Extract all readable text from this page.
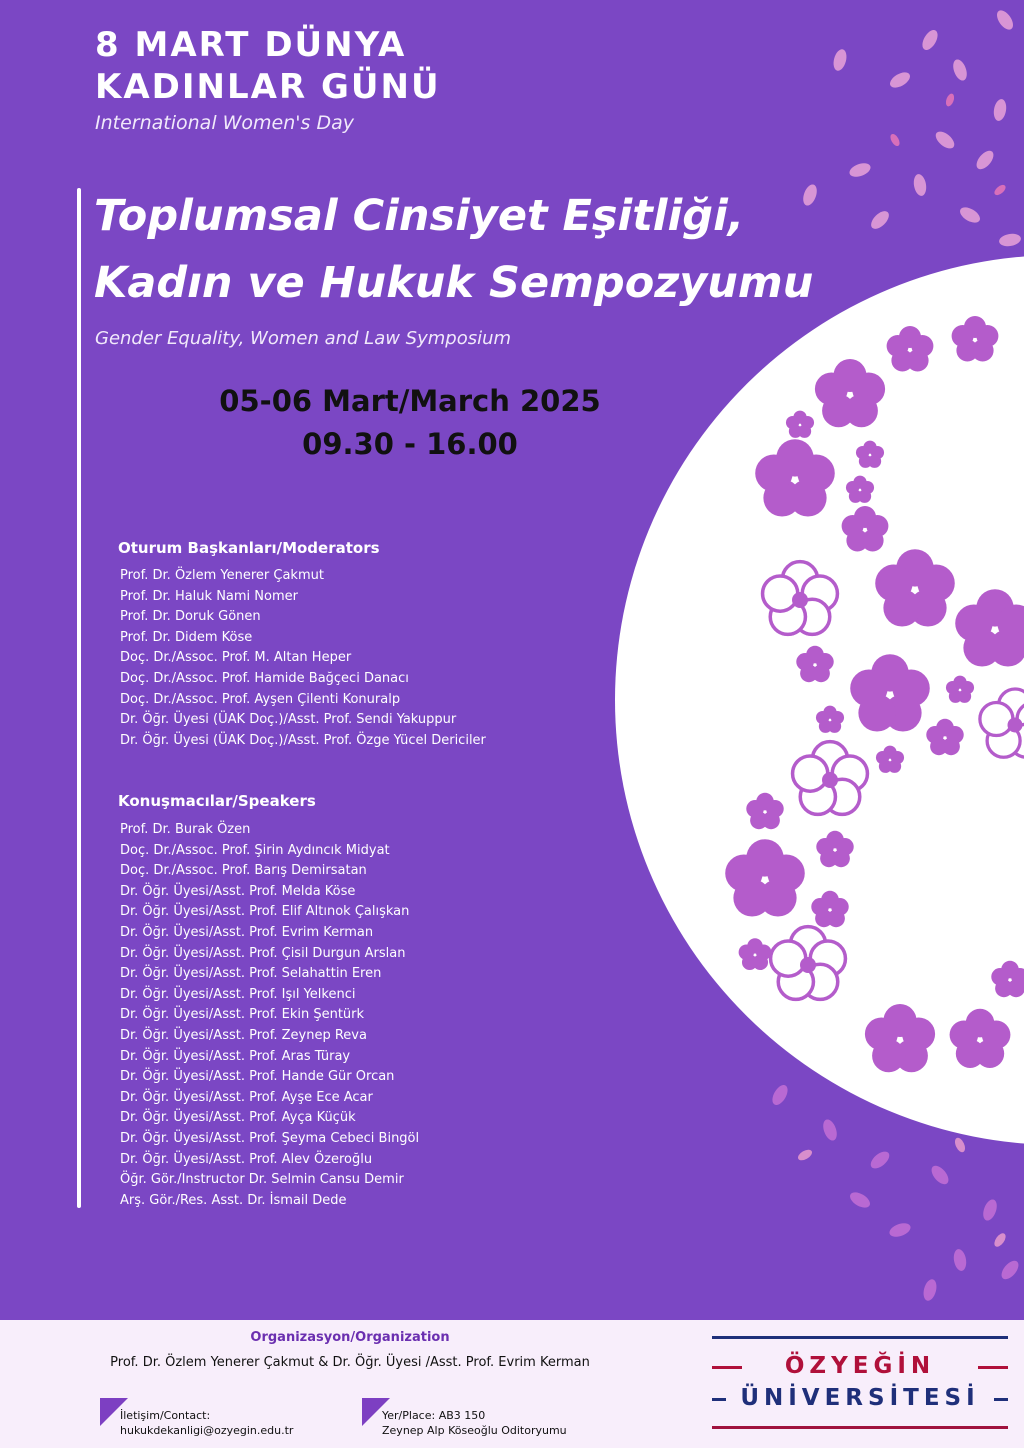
8 MART DÜNYA
KADINLAR GÜNÜ
International Women's Day
Toplumsal Cinsiyet Eşitliği,
Kadın ve Hukuk Sempozyumu
Gender Equality, Women and Law Symposium
05-06 Mart/March 2025
09.30 - 16.00
Oturum Başkanları/Moderators
Prof. Dr. Özlem Yenerer Çakmut
Prof. Dr. Haluk Nami Nomer
Prof. Dr. Doruk Gönen
Prof. Dr. Didem Köse
Doç. Dr./Assoc. Prof. M. Altan Heper
Doç. Dr./Assoc. Prof. Hamide Bağçeci Danacı
Doç. Dr./Assoc. Prof. Ayşen Çilenti Konuralp
Dr. Öğr. Üyesi (ÜAK Doç.)/Asst. Prof. Sendi Yakuppur
Dr. Öğr. Üyesi (ÜAK Doç.)/Asst. Prof. Özge Yücel Dericiler
Konuşmacılar/Speakers
Prof. Dr. Burak Özen
Doç. Dr./Assoc. Prof. Şirin Aydıncık Midyat
Doç. Dr./Assoc. Prof. Barış Demirsatan
Dr. Öğr. Üyesi/Asst. Prof. Melda Köse
Dr. Öğr. Üyesi/Asst. Prof. Elif Altınok Çalışkan
Dr. Öğr. Üyesi/Asst. Prof. Evrim Kerman
Dr. Öğr. Üyesi/Asst. Prof. Çisil Durgun Arslan
Dr. Öğr. Üyesi/Asst. Prof. Selahattin Eren
Dr. Öğr. Üyesi/Asst. Prof. Işıl Yelkenci
Dr. Öğr. Üyesi/Asst. Prof. Ekin Şentürk
Dr. Öğr. Üyesi/Asst. Prof. Zeynep Reva
Dr. Öğr. Üyesi/Asst. Prof. Aras Türay
Dr. Öğr. Üyesi/Asst. Prof. Hande Gür Orcan
Dr. Öğr. Üyesi/Asst. Prof. Ayşe Ece Acar
Dr. Öğr. Üyesi/Asst. Prof. Ayça Küçük
Dr. Öğr. Üyesi/Asst. Prof. Şeyma Cebeci Bingöl
Dr. Öğr. Üyesi/Asst. Prof. Alev Özeroğlu
Öğr. Gör./Instructor Dr. Selmin Cansu Demir
Arş. Gör./Res. Asst. Dr. İsmail Dede
Organizasyon/Organization
Prof. Dr. Özlem Yenerer Çakmut & Dr. Öğr. Üyesi /Asst. Prof. Evrim Kerman
İletişim/Contact:
hukukdekanligi@ozyegin.edu.tr
Yer/Place: AB3 150
Zeynep Alp Köseoğlu Oditoryumu
ÖZYEĞİN
ÜNİVERSİTESİ
